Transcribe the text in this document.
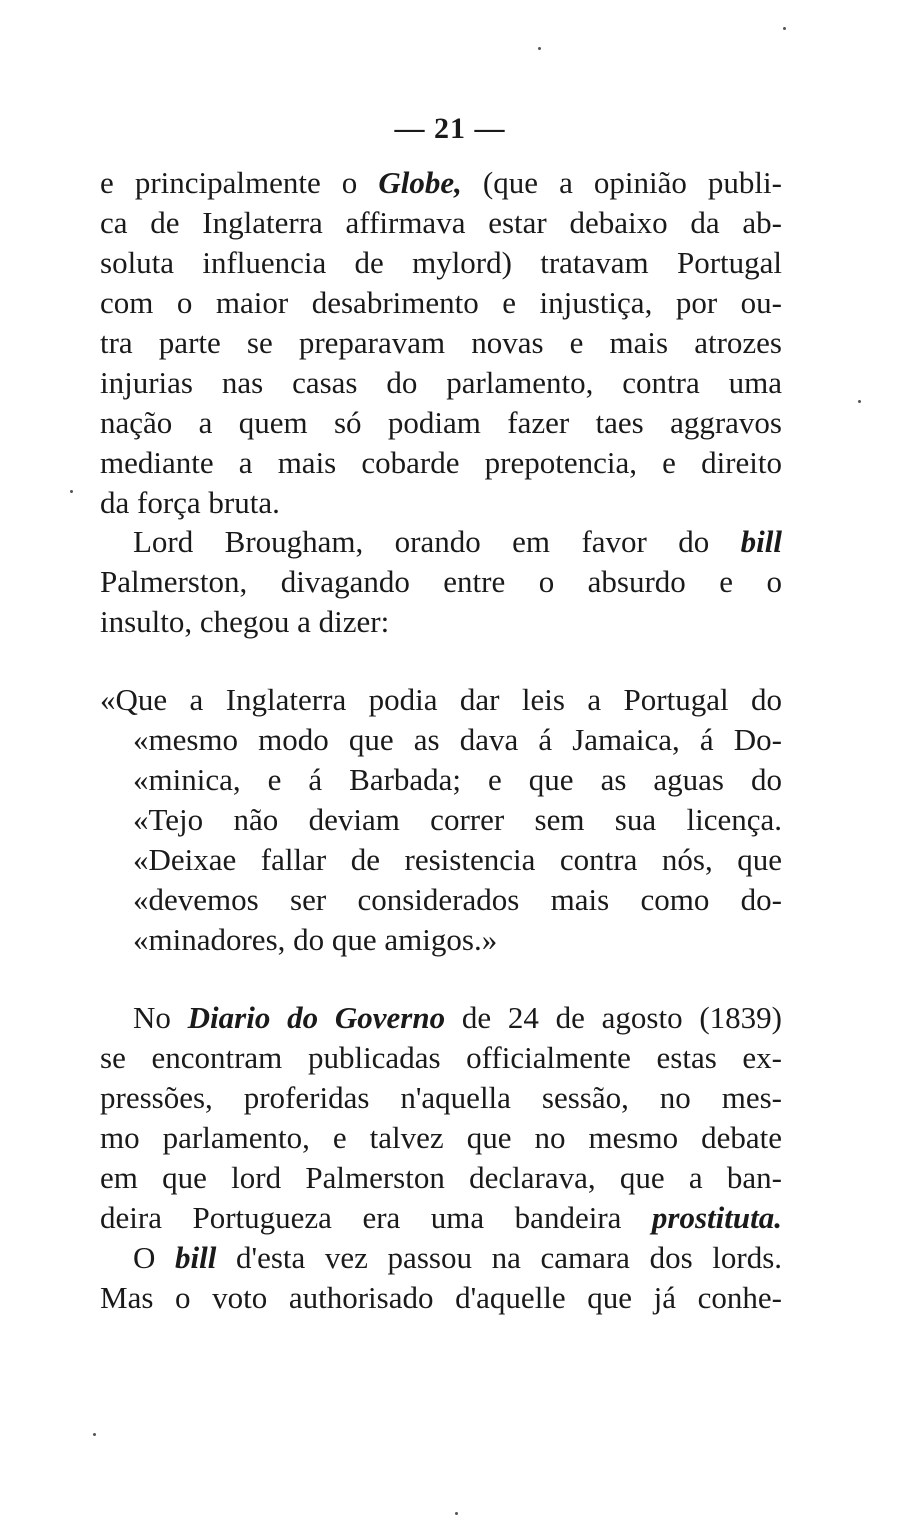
— 21 —
e principalmente o Globe, (que a opinião publi-
ca de Inglaterra affirmava estar debaixo da ab-
soluta influencia de mylord) tratavam Portugal
com o maior desabrimento e injustiça, por ou-
tra parte se preparavam novas e mais atrozes
injurias nas casas do parlamento, contra uma
nação a quem só podiam fazer taes aggravos
mediante a mais cobarde prepotencia, e direito
da força bruta.
Lord Brougham, orando em favor do bill
Palmerston, divagando entre o absurdo e o
insulto, chegou a dizer:
«Que a Inglaterra podia dar leis a Portugal do
«mesmo modo que as dava á Jamaica, á Do-
«minica, e á Barbada; e que as aguas do
«Tejo não deviam correr sem sua licença.
«Deixae fallar de resistencia contra nós, que
«devemos ser considerados mais como do-
«minadores, do que amigos.»
No Diario do Governo de 24 de agosto (1839)
se encontram publicadas officialmente estas ex-
pressões, proferidas n'aquella sessão, no mes-
mo parlamento, e talvez que no mesmo debate
em que lord Palmerston declarava, que a ban-
deira Portugueza era uma bandeira prostituta.
O bill d'esta vez passou na camara dos lords.
Mas o voto authorisado d'aquelle que já conhe-
